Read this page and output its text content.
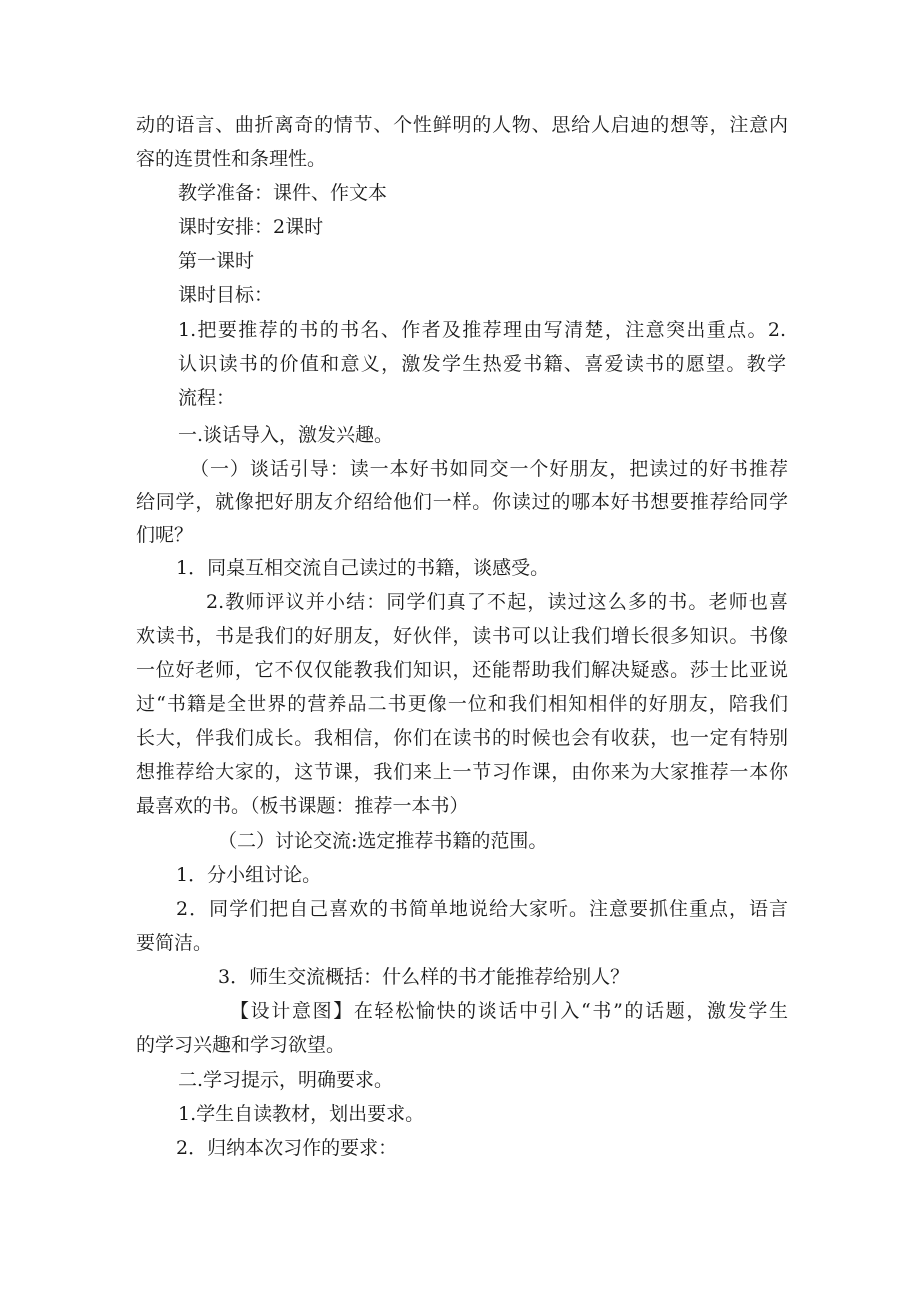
动的语言、曲折离奇的情节、个性鲜明的人物、思给人启迪的想等，注意内

容的连贯性和条理性。

教学准备：课件、作文本

课时安排：2课时

第一课时

课时目标：

1.把要推荐的书的书名、作者及推荐理由写清楚，注意突出重点。2.

认识读书的价值和意义，激发学生热爱书籍、喜爱读书的愿望。教学

流程：

一.谈话导入，激发兴趣。

（一）谈话引导：读一本好书如同交一个好朋友，把读过的好书推荐

给同学，就像把好朋友介绍给他们一样。你读过的哪本好书想要推荐给同学

们呢？

1．同桌互相交流自己读过的书籍，谈感受。

2.教师评议并小结：同学们真了不起，读过这么多的书。老师也喜

欢读书，书是我们的好朋友，好伙伴，读书可以让我们增长很多知识。书像

一位好老师，它不仅仅能教我们知识，还能帮助我们解决疑惑。莎士比亚说

过“书籍是全世界的营养品二书更像一位和我们相知相伴的好朋友，陪我们

长大，伴我们成长。我相信，你们在读书的时候也会有收获，也一定有特别

想推荐给大家的，这节课，我们来上一节习作课，由你来为大家推荐一本你

最喜欢的书。（板书课题：推荐一本书）

（二）讨论交流:选定推荐书籍的范围。

1．分小组讨论。

2．同学们把自己喜欢的书简单地说给大家听。注意要抓住重点，语言

要简洁。

3．师生交流概括：什么样的书才能推荐给别人？

【设计意图】在轻松愉快的谈话中引入“书”的话题，激发学生

的学习兴趣和学习欲望。

二.学习提示，明确要求。

1.学生自读教材，划出要求。

2．归纳本次习作的要求：
